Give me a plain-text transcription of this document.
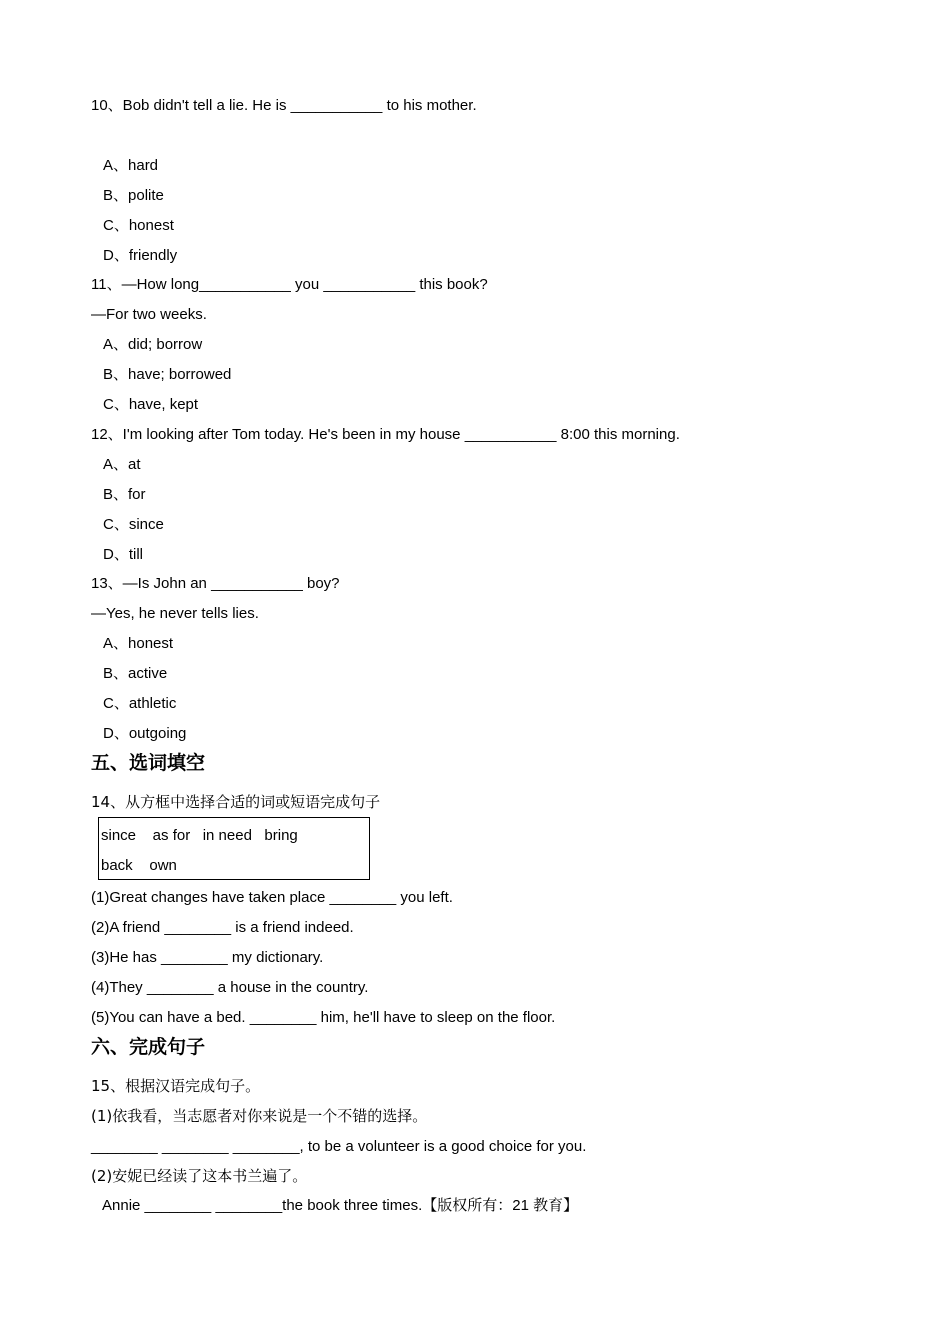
10、Bob didn't tell a lie. He is ___________ to his mother.
A、hard
B、polite
C、honest
D、friendly
11、—How long___________ you ___________ this book?
—For two weeks.
A、did; borrow
B、have; borrowed
C、have, kept
12、I'm looking after Tom today. He's been in my house ___________ 8:00 this morning.
A、at
B、for
C、since
D、till
13、—Is John an ___________ boy?
—Yes, he never tells lies.
A、honest
B、active
C、athletic
D、outgoing
五、选词填空
14、从方框中选择合适的词或短语完成句子
since    as for   in need   bring
back    own
(1)Great changes have taken place ________ you left.
(2)A friend ________ is a friend indeed.
(3)He has ________ my dictionary.
(4)They ________ a house in the country.
(5)You can have a bed. ________ him, he'll have to sleep on the floor.
六、完成句子
15、根据汉语完成句子。
(1)依我看，当志愿者对你来说是一个不错的选择。
________ ________ ________, to be a volunteer is a good choice for you.
(2)安妮已经读了这本书兰遍了。
Annie ________ ________the book three times.【版权所有：21 教育】
